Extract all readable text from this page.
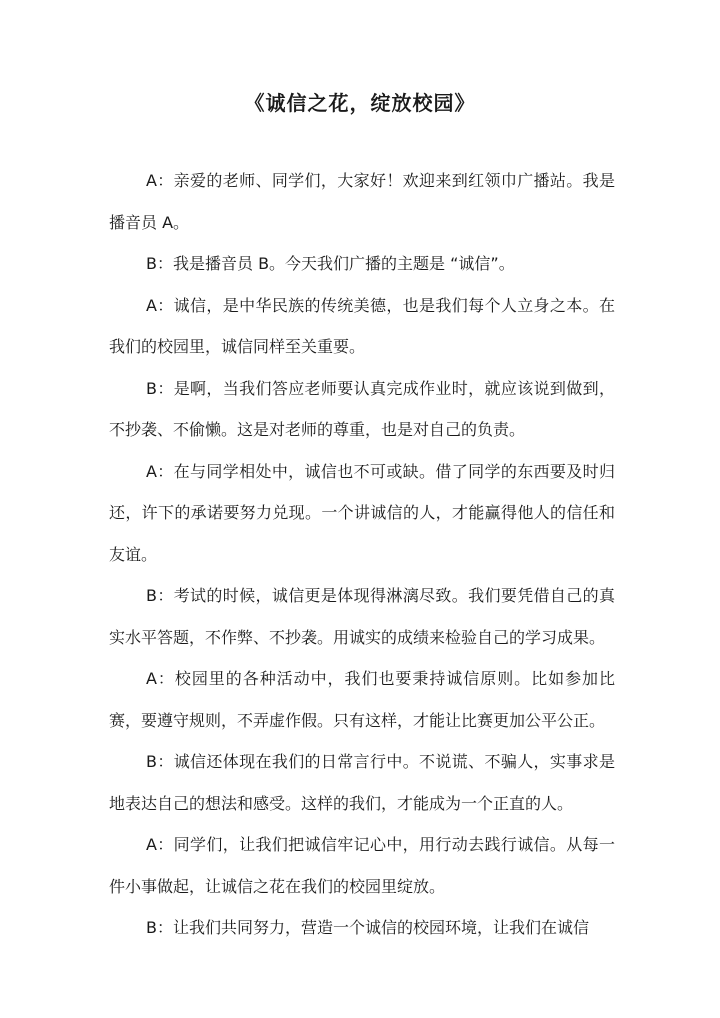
《诚信之花，绽放校园》

A：亲爱的老师、同学们，大家好！欢迎来到红领巾广播站。我是播音员 A。

B：我是播音员 B。今天我们广播的主题是 “诚信”。

A：诚信，是中华民族的传统美德，也是我们每个人立身之本。在我们的校园里，诚信同样至关重要。

B：是啊，当我们答应老师要认真完成作业时，就应该说到做到，不抄袭、不偷懒。这是对老师的尊重，也是对自己的负责。

A：在与同学相处中，诚信也不可或缺。借了同学的东西要及时归还，许下的承诺要努力兑现。一个讲诚信的人，才能赢得他人的信任和友谊。

B：考试的时候，诚信更是体现得淋漓尽致。我们要凭借自己的真实水平答题，不作弊、不抄袭。用诚实的成绩来检验自己的学习成果。

A：校园里的各种活动中，我们也要秉持诚信原则。比如参加比赛，要遵守规则，不弄虚作假。只有这样，才能让比赛更加公平公正。

B：诚信还体现在我们的日常言行中。不说谎、不骗人，实事求是地表达自己的想法和感受。这样的我们，才能成为一个正直的人。

A：同学们，让我们把诚信牢记心中，用行动去践行诚信。从每一件小事做起，让诚信之花在我们的校园里绽放。

B：让我们共同努力，营造一个诚信的校园环境，让我们在诚信
